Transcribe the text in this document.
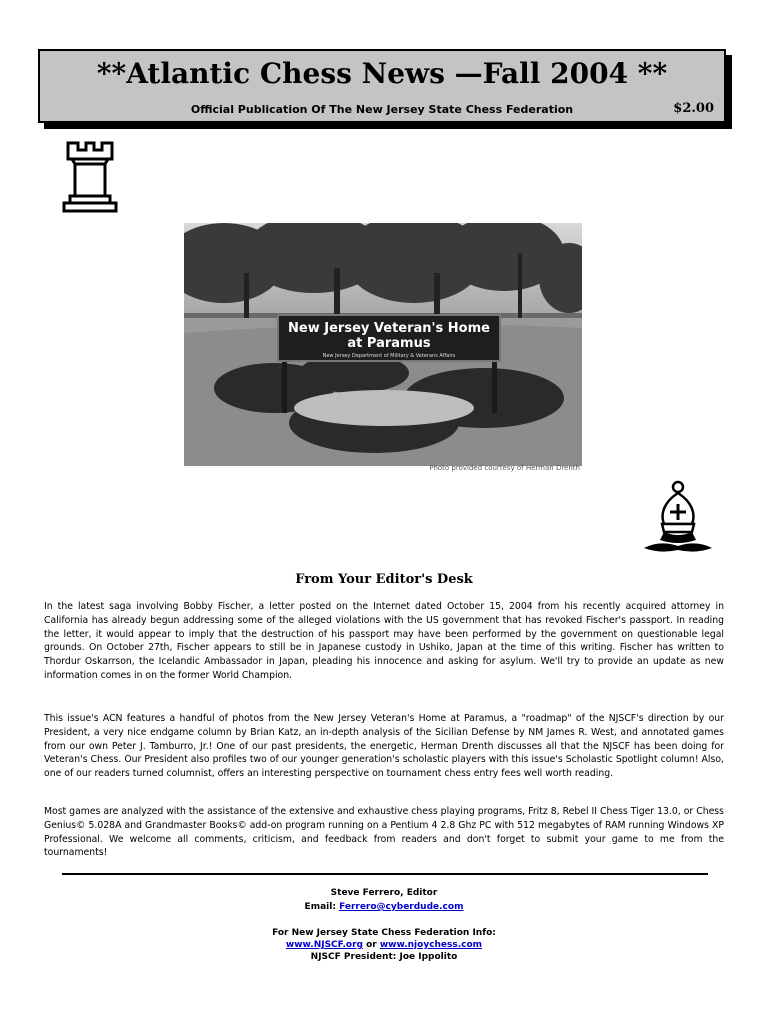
**Atlantic Chess News —Fall 2004 **
Official Publication Of The New Jersey State Chess Federation	$2.00
New Jersey Veteran's Home
at Paramus
New Jersey Department of Military & Veterans Affairs
Photo provided courtesy of Herman Drenth
From Your Editor's Desk
In the latest saga involving Bobby Fischer, a letter posted on the Internet dated October 15, 2004 from his recently acquired attorney in California has already begun addressing some of the alleged violations with the US government that has revoked Fischer's passport. In reading the letter, it would appear to imply that the destruction of his passport may have been performed by the government on questionable legal grounds. On October 27th, Fischer appears to still be in Japanese custody in Ushiko, Japan at the time of this writing. Fischer has written to Thordur Oskarrson, the Icelandic Ambassador in Japan, pleading his innocence and asking for asylum. We'll try to provide an update as new information comes in on the former World Champion.
This issue's ACN features a handful of photos from the New Jersey Veteran's Home at Paramus, a "roadmap" of the NJSCF's direction by our President, a very nice endgame column by Brian Katz, an in-depth analysis of the Sicilian Defense by NM James R. West, and annotated games from our own Peter J. Tamburro, Jr.! One of our past presidents, the energetic, Herman Drenth discusses all that the NJSCF has been doing for Veteran's Chess. Our President also profiles two of our younger generation's scholastic players with this issue's Scholastic Spotlight column! Also, one of our readers turned columnist, offers an interesting perspective on tournament chess entry fees well worth reading.
Most games are analyzed with the assistance of the extensive and exhaustive chess playing programs, Fritz 8, Rebel II Chess Tiger 13.0, or Chess Genius© 5.028A and Grandmaster Books© add-on program running on a Pentium 4 2.8 Ghz PC with 512 megabytes of RAM running Windows XP Professional. We welcome all comments, criticism, and feedback from readers and don't forget to submit your game to me from the tournaments!
Steve Ferrero, Editor
Email: Ferrero@cyberdude.com
For New Jersey State Chess Federation Info:
www.NJSCF.org or www.njoychess.com
NJSCF President: Joe Ippolito
